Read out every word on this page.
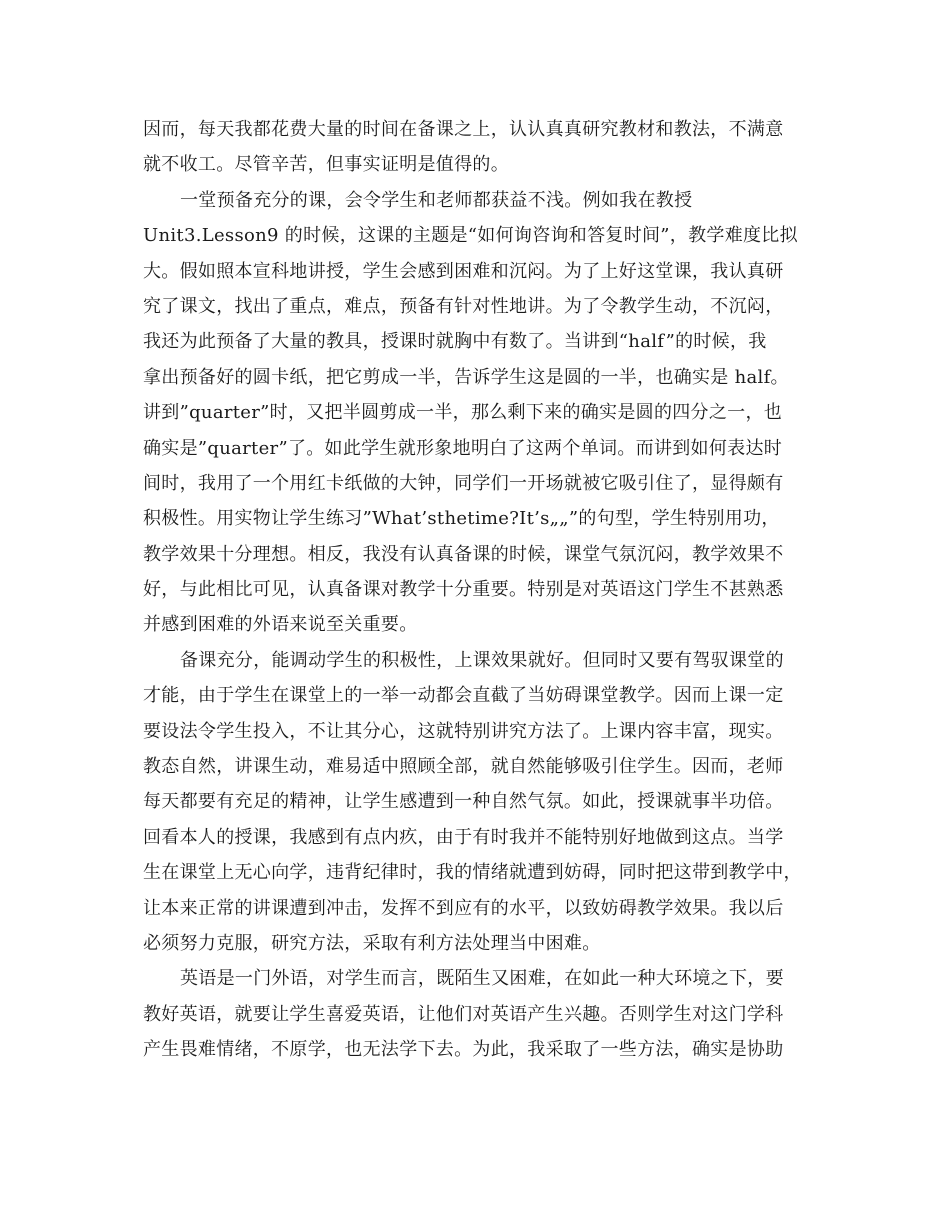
因而，每天我都花费大量的时间在备课之上，认认真真研究教材和教法，不满意
就不收工。尽管辛苦，但事实证明是值得的。
一堂预备充分的课，会令学生和老师都获益不浅。例如我在教授
Unit3.Lesson9 的时候，这课的主题是“如何询咨询和答复时间”，教学难度比拟
大。假如照本宣科地讲授，学生会感到困难和沉闷。为了上好这堂课，我认真研
究了课文，找出了重点，难点，预备有针对性地讲。为了令教学生动，不沉闷，
我还为此预备了大量的教具，授课时就胸中有数了。当讲到“half”的时候，我
拿出预备好的圆卡纸，把它剪成一半，告诉学生这是圆的一半，也确实是 half。
讲到”quarter”时，又把半圆剪成一半，那么剩下来的确实是圆的四分之一，也
确实是”quarter”了。如此学生就形象地明白了这两个单词。而讲到如何表达时
间时，我用了一个用红卡纸做的大钟，同学们一开场就被它吸引住了，显得颇有
积极性。用实物让学生练习”What’sthetime?It’s„„”的句型，学生特别用功，
教学效果十分理想。相反，我没有认真备课的时候，课堂气氛沉闷，教学效果不
好，与此相比可见，认真备课对教学十分重要。特别是对英语这门学生不甚熟悉
并感到困难的外语来说至关重要。
备课充分，能调动学生的积极性，上课效果就好。但同时又要有驾驭课堂的
才能，由于学生在课堂上的一举一动都会直截了当妨碍课堂教学。因而上课一定
要设法令学生投入，不让其分心，这就特别讲究方法了。上课内容丰富，现实。
教态自然，讲课生动，难易适中照顾全部，就自然能够吸引住学生。因而，老师
每天都要有充足的精神，让学生感遭到一种自然气氛。如此，授课就事半功倍。
回看本人的授课，我感到有点内疚，由于有时我并不能特别好地做到这点。当学
生在课堂上无心向学，违背纪律时，我的情绪就遭到妨碍，同时把这带到教学中，
让本来正常的讲课遭到冲击，发挥不到应有的水平，以致妨碍教学效果。我以后
必须努力克服，研究方法，采取有利方法处理当中困难。
英语是一门外语，对学生而言，既陌生又困难，在如此一种大环境之下，要
教好英语，就要让学生喜爱英语，让他们对英语产生兴趣。否则学生对这门学科
产生畏难情绪，不原学，也无法学下去。为此，我采取了一些方法，确实是协助
